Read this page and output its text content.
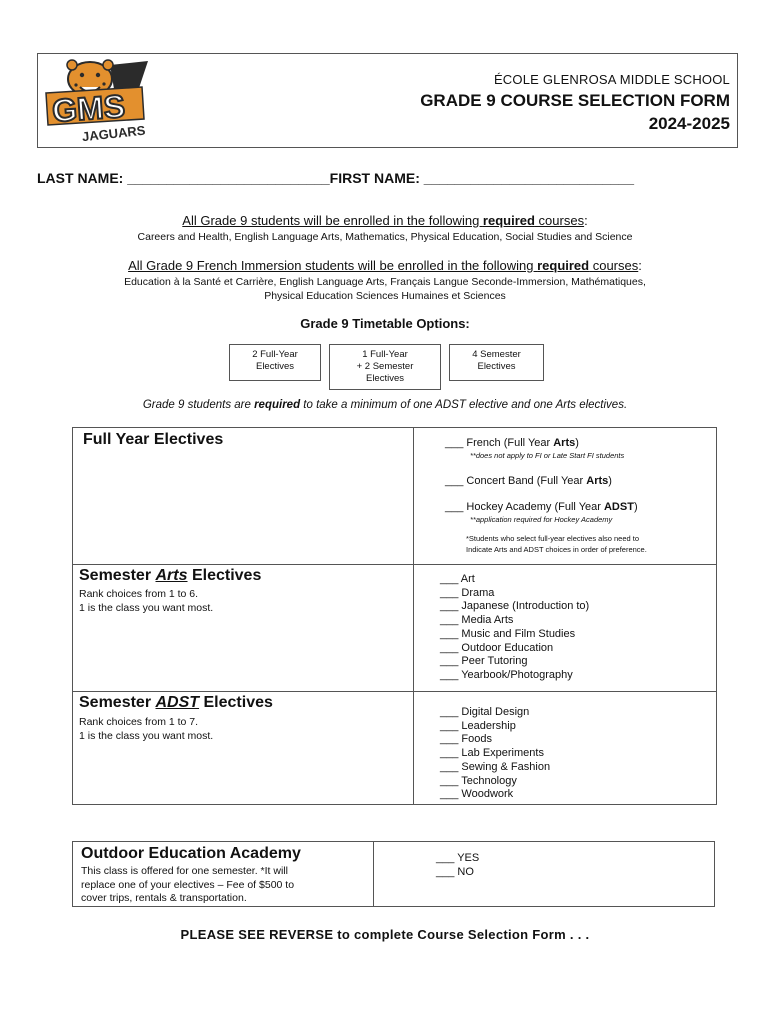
GMS
JAGUARS
ÉCOLE GLENROSA MIDDLE SCHOOL
GRADE 9 COURSE SELECTION FORM
2024-2025
LAST NAME: __________________________FIRST NAME: ___________________________
All Grade 9 students will be enrolled in the following required courses:
Careers and Health, English Language Arts, Mathematics, Physical Education, Social Studies and Science
All Grade 9 French Immersion students will be enrolled in the following required courses:
Education à la Santé et Carrière, English Language Arts, Français Langue Seconde-Immersion, Mathématiques,
Physical Education Sciences Humaines et Sciences
Grade 9 Timetable Options:
2 Full-Year
Electives
1 Full-Year
+ 2 Semester
Electives
4 Semester
Electives
Grade 9 students are required to take a minimum of one ADST elective and one Arts electives.
Full Year Electives	___ French (Full Year Arts)
**does not apply to FI or Late Start FI students
___ Concert Band (Full Year Arts)
___ Hockey Academy (Full Year ADST)
**application required for Hockey Academy
*Students who select full-year electives also need to
Indicate Arts and ADST choices in order of preference.
Semester Arts Electives
Rank choices from 1 to 6.
1 is the class you want most.
___ Art
___ Drama
___ Japanese (Introduction to)
___ Media Arts
___ Music and Film Studies
___ Outdoor Education
___ Peer Tutoring
___ Yearbook/Photography
Semester ADST Electives
Rank choices from 1 to 7.
1 is the class you want most.
___ Digital Design
___ Leadership
___ Foods
___ Lab Experiments
___ Sewing & Fashion
___ Technology
___ Woodwork
Outdoor Education Academy
This class is offered for one semester. *It will
replace one of your electives – Fee of $500 to
cover trips, rentals & transportation.
___ YES
___ NO
PLEASE SEE REVERSE to complete Course Selection Form . . .
